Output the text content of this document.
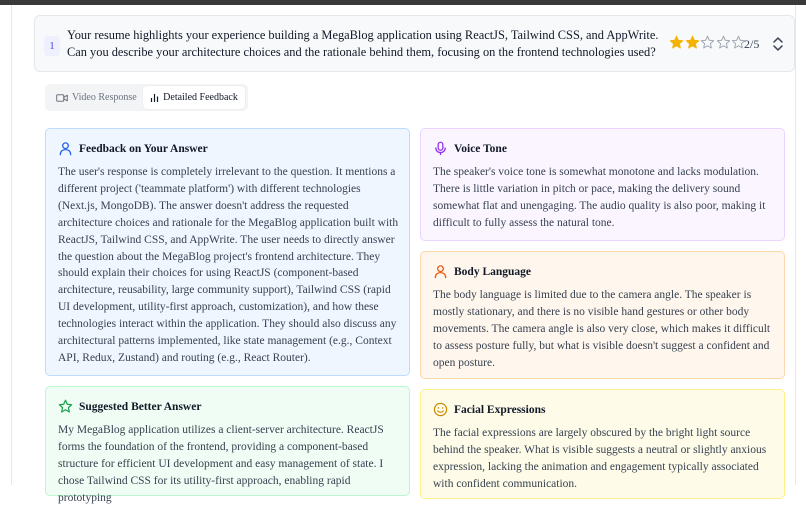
1
Your resume highlights your experience building a MegaBlog application using ReactJS, Tailwind CSS, and AppWrite. Can you describe your architecture choices and the rationale behind them, focusing on the frontend technologies used?
2/5
Video Response	Detailed Feedback
Feedback on Your Answer
The user's response is completely irrelevant to the question. It mentions a different project ('teammate platform') with different technologies (Next.js, MongoDB). The answer doesn't address the requested architecture choices and rationale for the MegaBlog application built with ReactJS, Tailwind CSS, and AppWrite. The user needs to directly answer the question about the MegaBlog project's frontend architecture. They should explain their choices for using ReactJS (component-based architecture, reusability, large community support), Tailwind CSS (rapid UI development, utility-first approach, customization), and how these technologies interact within the application. They should also discuss any architectural patterns implemented, like state management (e.g., Context API, Redux, Zustand) and routing (e.g., React Router).
Voice Tone
The speaker's voice tone is somewhat monotone and lacks modulation. There is little variation in pitch or pace, making the delivery sound somewhat flat and unengaging. The audio quality is also poor, making it difficult to fully assess the natural tone.
Body Language
The body language is limited due to the camera angle. The speaker is mostly stationary, and there is no visible hand gestures or other body movements. The camera angle is also very close, which makes it difficult to assess posture fully, but what is visible doesn't suggest a confident and open posture.
Suggested Better Answer
My MegaBlog application utilizes a client-server architecture. ReactJS forms the foundation of the frontend, providing a component-based structure for efficient UI development and easy management of state. I chose Tailwind CSS for its utility-first approach, enabling rapid prototyping
Facial Expressions
The facial expressions are largely obscured by the bright light source behind the speaker. What is visible suggests a neutral or slightly anxious expression, lacking the animation and engagement typically associated with confident communication.
